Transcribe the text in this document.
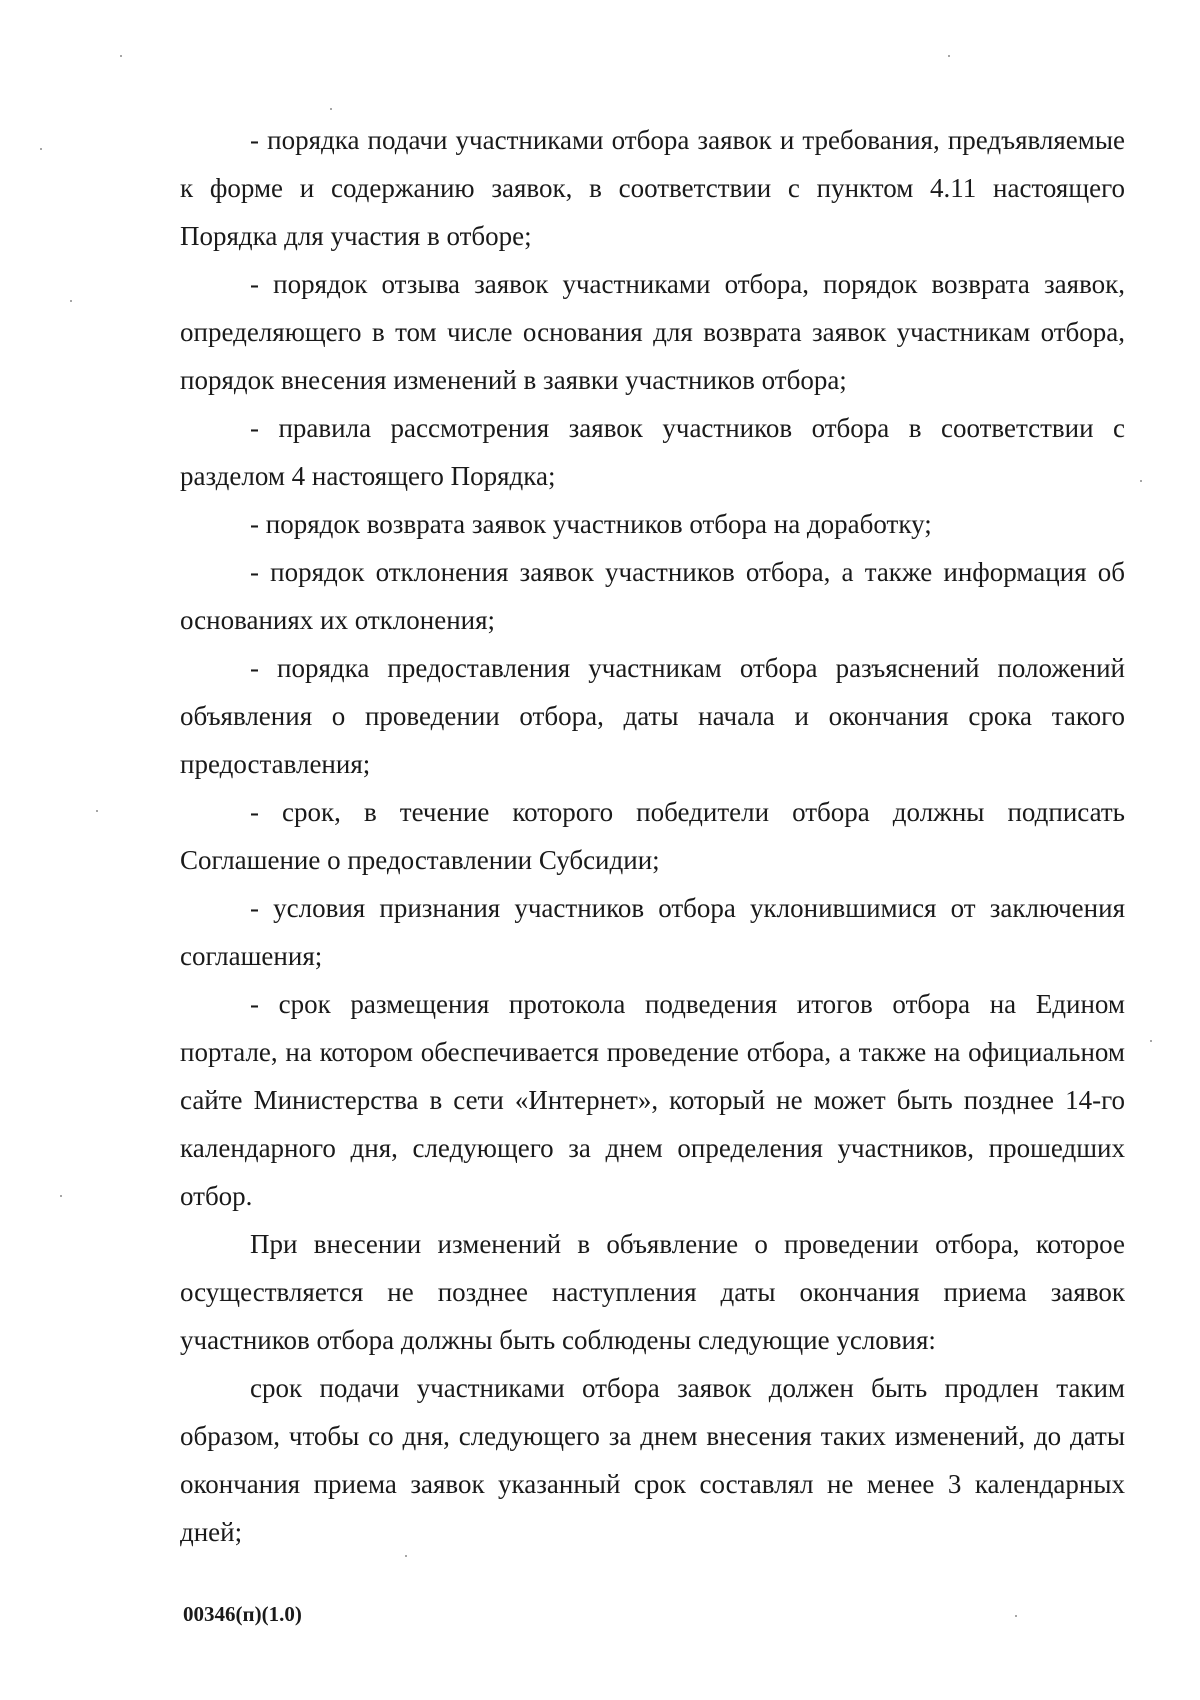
- порядка подачи участниками отбора заявок и требования, предъявляемые к форме и содержанию заявок, в соответствии с пунктом 4.11 настоящего Порядка для участия в отборе;

- порядок отзыва заявок участниками отбора, порядок возврата заявок, определяющего в том числе основания для возврата заявок участникам отбора, порядок внесения изменений в заявки участников отбора;

- правила рассмотрения заявок участников отбора в соответствии с разделом 4 настоящего Порядка;

- порядок возврата заявок участников отбора на доработку;

- порядок отклонения заявок участников отбора, а также информация об основаниях их отклонения;

- порядка предоставления участникам отбора разъяснений положений объявления о проведении отбора, даты начала и окончания срока такого предоставления;

- срок, в течение которого победители отбора должны подписать Соглашение о предоставлении Субсидии;

- условия признания участников отбора уклонившимися от заключения соглашения;

- срок размещения протокола подведения итогов отбора на Едином портале, на котором обеспечивается проведение отбора, а также на официальном сайте Министерства в сети «Интернет», который не может быть позднее 14-го календарного дня, следующего за днем определения участников, прошедших отбор.

При внесении изменений в объявление о проведении отбора, которое осуществляется не позднее наступления даты окончания приема заявок участников отбора должны быть соблюдены следующие условия:

срок подачи участниками отбора заявок должен быть продлен таким образом, чтобы со дня, следующего за днем внесения таких изменений, до даты окончания приема заявок указанный срок составлял не менее 3 календарных дней;

00346(п)(1.0)
